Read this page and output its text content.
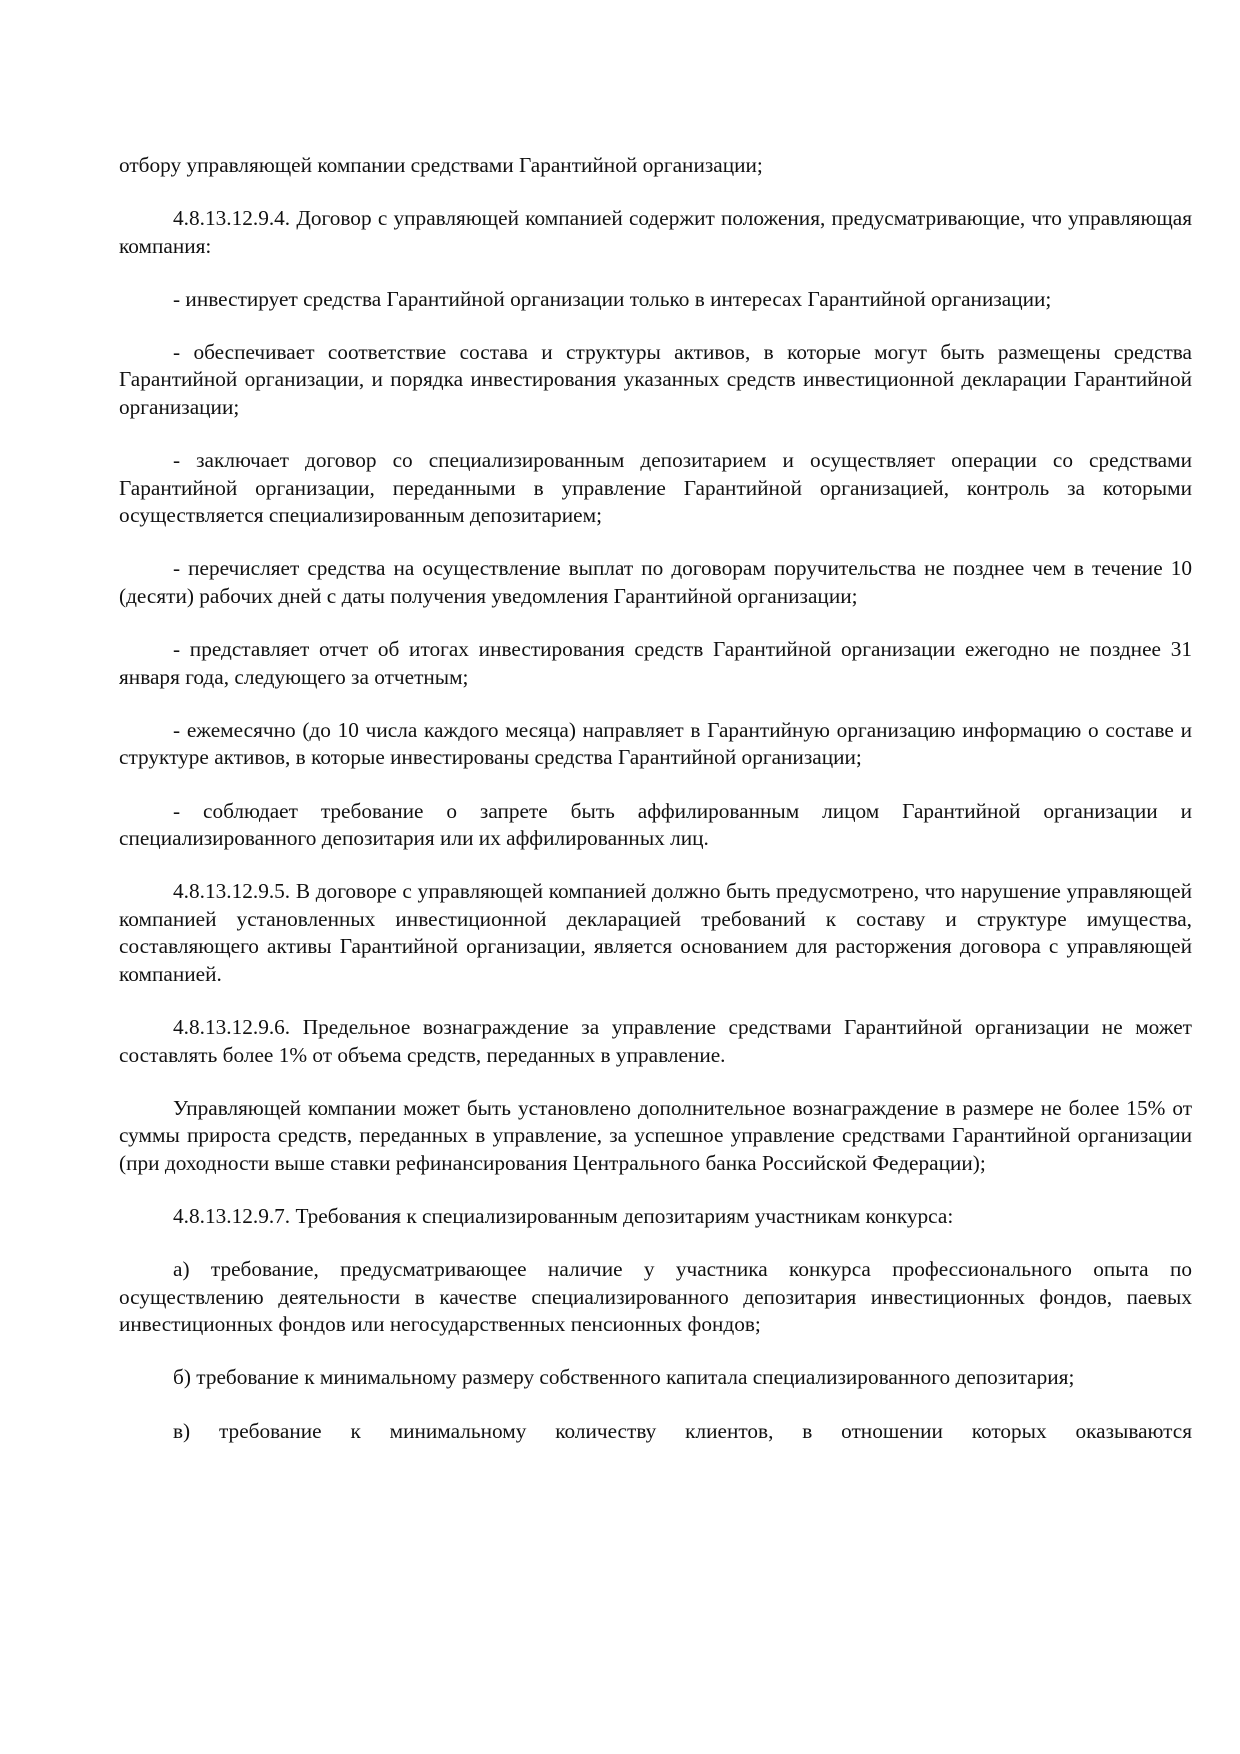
отбору управляющей компании средствами Гарантийной организации;

4.8.13.12.9.4. Договор с управляющей компанией содержит положения, предусматривающие, что управляющая компания:

- инвестирует средства Гарантийной организации только в интересах Гарантийной организации;

- обеспечивает соответствие состава и структуры активов, в которые могут быть размещены средства Гарантийной организации, и порядка инвестирования указанных средств инвестиционной декларации Гарантийной организации;

- заключает договор со специализированным депозитарием и осуществляет операции со средствами Гарантийной организации, переданными в управление Гарантийной организацией, контроль за которыми осуществляется специализированным депозитарием;

- перечисляет средства на осуществление выплат по договорам поручительства не позднее чем в течение 10 (десяти) рабочих дней с даты получения уведомления Гарантийной организации;

- представляет отчет об итогах инвестирования средств Гарантийной организации ежегодно не позднее 31 января года, следующего за отчетным;

- ежемесячно (до 10 числа каждого месяца) направляет в Гарантийную организацию информацию о составе и структуре активов, в которые инвестированы средства Гарантийной организации;

- соблюдает требование о запрете быть аффилированным лицом Гарантийной организации и специализированного депозитария или их аффилированных лиц.

4.8.13.12.9.5. В договоре с управляющей компанией должно быть предусмотрено, что нарушение управляющей компанией установленных инвестиционной декларацией требований к составу и структуре имущества, составляющего активы Гарантийной организации, является основанием для расторжения договора с управляющей компанией.

4.8.13.12.9.6. Предельное вознаграждение за управление средствами Гарантийной организации не может составлять более 1% от объема средств, переданных в управление.

Управляющей компании может быть установлено дополнительное вознаграждение в размере не более 15% от суммы прироста средств, переданных в управление, за успешное управление средствами Гарантийной организации (при доходности выше ставки рефинансирования Центрального банка Российской Федерации);

4.8.13.12.9.7. Требования к специализированным депозитариям участникам конкурса:

а) требование, предусматривающее наличие у участника конкурса профессионального опыта по осуществлению деятельности в качестве специализированного депозитария инвестиционных фондов, паевых инвестиционных фондов или негосударственных пенсионных фондов;

б) требование к минимальному размеру собственного капитала специализированного депозитария;

в) требование к минимальному количеству клиентов, в отношении которых оказываются
